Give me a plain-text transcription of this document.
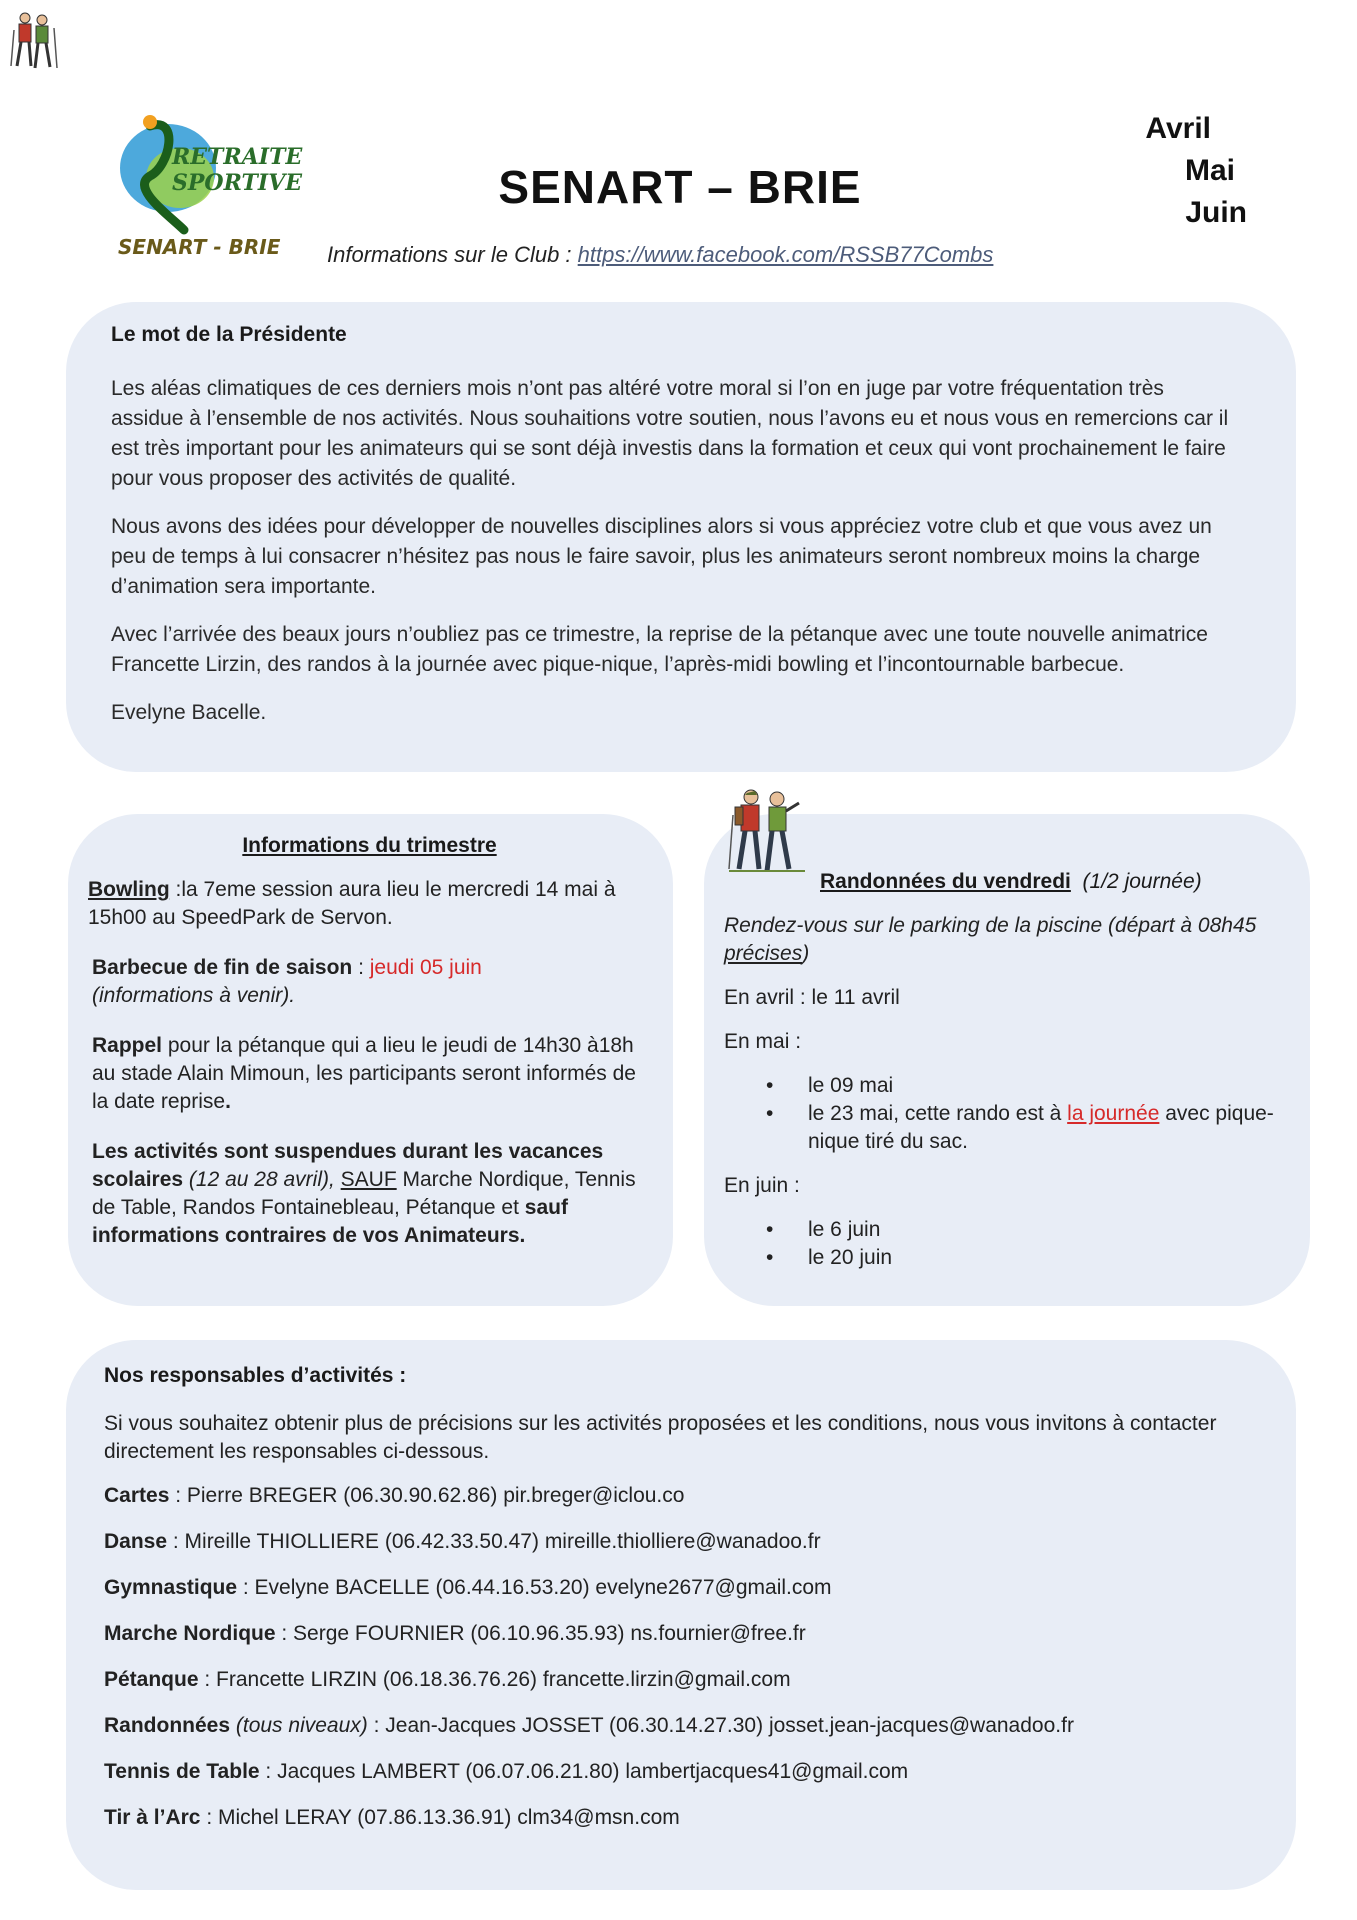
RETRAITE
SPORTIVE
SENART - BRIE
SENART – BRIE
Avril
Mai
Juin
Informations sur le Club : https://www.facebook.com/RSSB77Combs
Le mot de la Présidente

Les aléas climatiques de ces derniers mois n’ont pas altéré votre moral si l’on en juge par votre fréquentation très assidue à l’ensemble de nos activités. Nous souhaitions votre soutien, nous l’avons eu et nous vous en remercions car il est très important pour les animateurs qui se sont déjà investis dans la formation et ceux qui vont prochainement le faire pour vous proposer des activités de qualité.

Nous avons des idées pour développer de nouvelles disciplines alors si vous appréciez votre club et que vous avez un peu de temps à lui consacrer n’hésitez pas nous le faire savoir, plus les animateurs seront nombreux moins la charge d’animation sera importante.

Avec l’arrivée des beaux jours n’oubliez pas ce trimestre, la reprise de la pétanque avec une toute nouvelle animatrice Francette Lirzin, des randos à la journée avec pique-nique, l’après-midi bowling et l’incontournable barbecue.

Evelyne Bacelle.

Informations du trimestre

Bowling :la 7eme session aura lieu le mercredi 14 mai à 15h00 au SpeedPark de Servon.

Barbecue de fin de saison : jeudi 05 juin
(informations à venir).

Rappel pour la pétanque qui a lieu le jeudi de 14h30 à18h au stade Alain Mimoun, les participants seront informés de la date reprise.

Les activités sont suspendues durant les vacances scolaires (12 au 28 avril), SAUF Marche Nordique, Tennis de Table, Randos Fontainebleau, Pétanque et sauf informations contraires de vos Animateurs.

Randonnées du vendredi (1/2 journée)

Rendez-vous sur le parking de la piscine (départ à 08h45 précises)

En avril : le 11 avril

En mai :

• le 09 mai
• le 23 mai, cette rando est à la journée avec pique-nique tiré du sac.

En juin :

• le 6 juin
• le 20 juin
Nos responsables d’activités :

Si vous souhaitez obtenir plus de précisions sur les activités proposées et les conditions, nous vous invitons à contacter directement les responsables ci-dessous.

Cartes : Pierre BREGER (06.30.90.62.86) pir.breger@iclou.co
Danse : Mireille THIOLLIERE (06.42.33.50.47) mireille.thiolliere@wanadoo.fr
Gymnastique : Evelyne BACELLE (06.44.16.53.20) evelyne2677@gmail.com
Marche Nordique : Serge FOURNIER (06.10.96.35.93) ns.fournier@free.fr
Pétanque : Francette LIRZIN (06.18.36.76.26) francette.lirzin@gmail.com
Randonnées (tous niveaux) : Jean-Jacques JOSSET (06.30.14.27.30) josset.jean-jacques@wanadoo.fr
Tennis de Table : Jacques LAMBERT (06.07.06.21.80) lambertjacques41@gmail.com
Tir à l’Arc : Michel LERAY (07.86.13.36.91) clm34@msn.com
